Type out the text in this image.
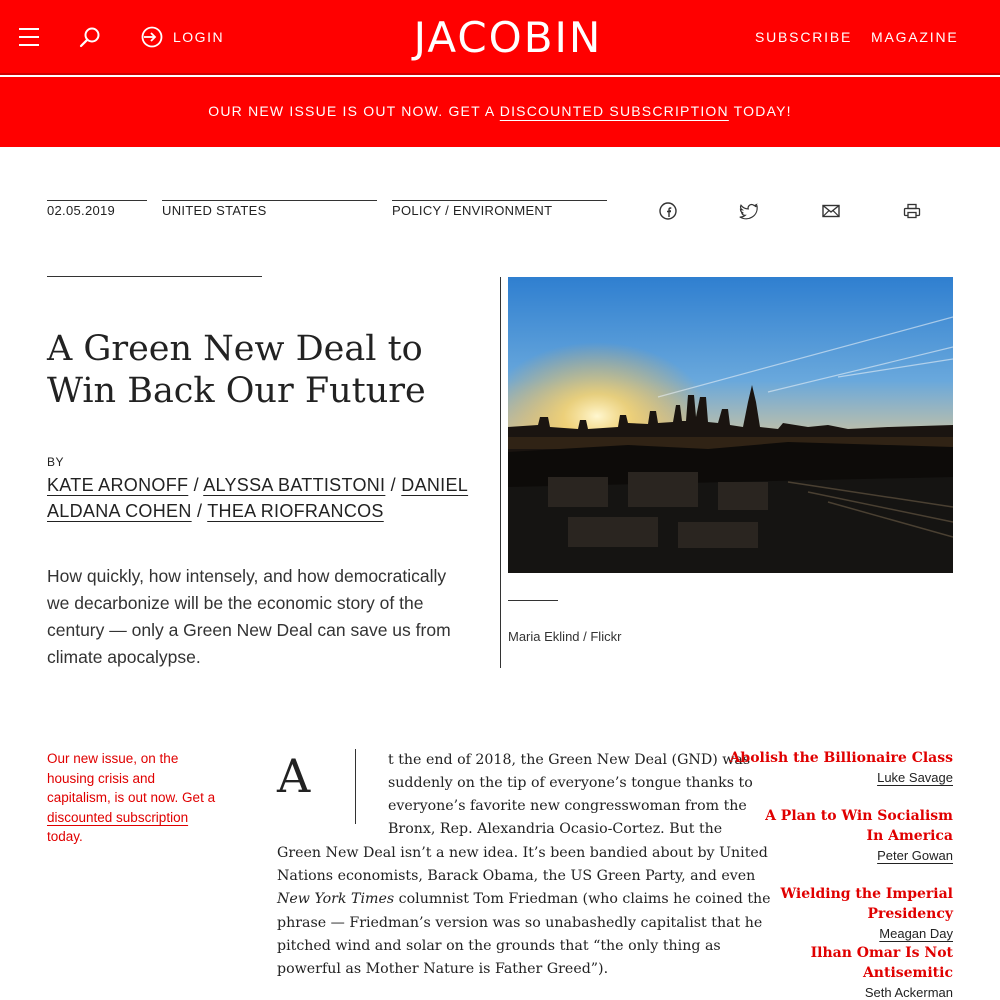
LOGIN	JACOBIN	SUBSCRIBE MAGAZINE
OUR NEW ISSUE IS OUT NOW. GET A DISCOUNTED SUBSCRIPTION TODAY!
02.05.2019	UNITED STATES	POLICY / ENVIRONMENT
A Green New Deal to Win Back Our Future
BY
KATE ARONOFF / ALYSSA BATTISTONI / DANIEL ALDANA COHEN / THEA RIOFRANCOS

How quickly, how intensely, and how democratically we decarbonize will be the economic story of the century — only a Green New Deal can save us from climate apocalypse.

Maria Eklind / Flickr
Our new issue, on the housing crisis and capitalism, is out now. Get a discounted subscription today.
A	t the end of 2018, the Green New Deal (GND) was
suddenly on the tip of everyone’s tongue thanks to
everyone’s favorite new congresswoman from the
Bronx, Rep. Alexandria Ocasio-Cortez. But the
Green New Deal isn’t a new idea. It’s been bandied about by United
Nations economists, Barack Obama, the US Green Party, and even
New York Times columnist Tom Friedman (who claims he coined the
phrase — Friedman’s version was so unabashedly capitalist that he
pitched wind and solar on the grounds that “the only thing as
powerful as Mother Nature is Father Greed”).
Abolish the Billionaire Class
Luke Savage
A Plan to Win Socialism In America
Peter Gowan
Wielding the Imperial Presidency
Meagan Day
Ilhan Omar Is Not Antisemitic
Seth Ackerman
